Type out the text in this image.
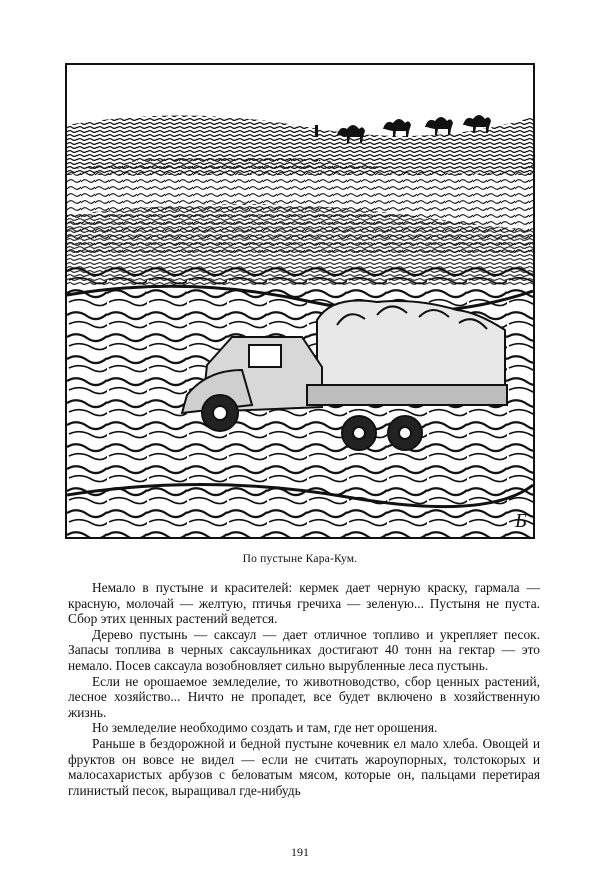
Б
По пустыне Кара-Кум.

Немало в пустыне и красителей: кермек дает черную краску, гармала — красную, молочай — желтую, птичья гречиха — зеленую... Пустыня не пуста. Сбор этих ценных растений ведется.

Дерево пустынь — саксаул — дает отличное топливо и укрепляет песок. Запасы топлива в черных саксаульниках достигают 40 тонн на гектар — это немало. Посев саксаула возобновляет сильно вырубленные леса пустынь.

Если не орошаемое земледелие, то животноводство, сбор ценных растений, лесное хозяйство... Ничто не пропадет, все будет включено в хозяйственную жизнь.

Но земледелие необходимо создать и там, где нет орошения.

Раньше в бездорожной и бедной пустыне кочевник ел мало хлеба. Овощей и фруктов он вовсе не видел — если не считать жароупорных, толстокорых и малосахаристых арбузов с беловатым мясом, которые он, пальцами перетирая глинистый песок, выращивал где-нибудь

191
